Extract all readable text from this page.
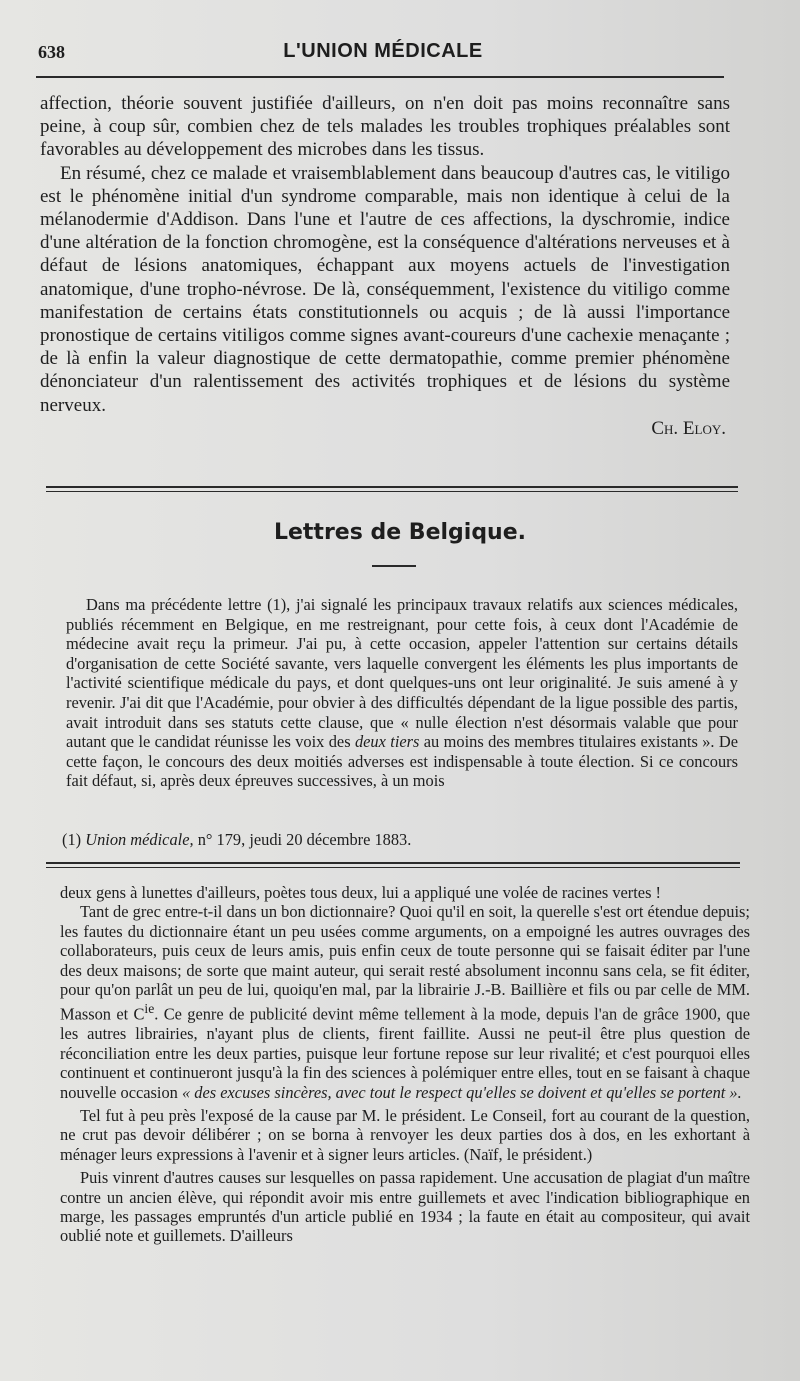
638	L'UNION MÉDICALE

affection, théorie souvent justifiée d'ailleurs, on n'en doit pas moins reconnaître sans peine, à coup sûr, combien chez de tels malades les troubles trophiques préalables sont favorables au développement des microbes dans les tissus.

En résumé, chez ce malade et vraisemblablement dans beaucoup d'autres cas, le vitiligo est le phénomène initial d'un syndrome comparable, mais non identique à celui de la mélanodermie d'Addison. Dans l'une et l'autre de ces affections, la dyschromie, indice d'une altération de la fonction chromogène, est la conséquence d'altérations nerveuses et à défaut de lésions anatomiques, échappant aux moyens actuels de l'investigation anatomique, d'une tropho-névrose. De là, conséquemment, l'existence du vitiligo comme manifestation de certains états constitutionnels ou acquis ; de là aussi l'importance pronostique de certains vitiligos comme signes avant-coureurs d'une cachexie menaçante ; de là enfin la valeur diagnostique de cette dermatopathie, comme premier phénomène dénonciateur d'un ralentissement des activités trophiques et de lésions du système nerveux.

Ch. Eloy.

Lettres de Belgique.

Dans ma précédente lettre (1), j'ai signalé les principaux travaux relatifs aux sciences médicales, publiés récemment en Belgique, en me restreignant, pour cette fois, à ceux dont l'Académie de médecine avait reçu la primeur. J'ai pu, à cette occasion, appeler l'attention sur certains détails d'organisation de cette Société savante, vers laquelle convergent les éléments les plus importants de l'activité scientifique médicale du pays, et dont quelques-uns ont leur originalité. Je suis amené à y revenir. J'ai dit que l'Académie, pour obvier à des difficultés dépendant de la ligue possible des partis, avait introduit dans ses statuts cette clause, que « nulle élection n'est désormais valable que pour autant que le candidat réunisse les voix des deux tiers au moins des membres titulaires existants ». De cette façon, le concours des deux moitiés adverses est indispensable à toute élection. Si ce concours fait défaut, si, après deux épreuves successives, à un mois

(1) Union médicale, n° 179, jeudi 20 décembre 1883.

deux gens à lunettes d'ailleurs, poètes tous deux, lui a appliqué une volée de racines vertes !

Tant de grec entre-t-il dans un bon dictionnaire? Quoi qu'il en soit, la querelle s'est ort étendue depuis; les fautes du dictionnaire étant un peu usées comme arguments, on a empoigné les autres ouvrages des collaborateurs, puis ceux de leurs amis, puis enfin ceux de toute personne qui se faisait éditer par l'une des deux maisons; de sorte que maint auteur, qui serait resté absolument inconnu sans cela, se fit éditer, pour qu'on parlât un peu de lui, quoiqu'en mal, par la librairie J.-B. Baillière et fils ou par celle de MM. Masson et $C^{ie}$. Ce genre de publicité devint même tellement à la mode, depuis l'an de grâce 1900, que les autres librairies, n'ayant plus de clients, firent faillite. Aussi ne peut-il être plus question de réconciliation entre les deux parties, puisque leur fortune repose sur leur rivalité; et c'est pourquoi elles continuent et continueront jusqu'à la fin des sciences à polémiquer entre elles, tout en se faisant à chaque nouvelle occasion « des excuses sincères, avec tout le respect qu'elles se doivent et qu'elles se portent ».

Tel fut à peu près l'exposé de la cause par M. le président. Le Conseil, fort au courant de la question, ne crut pas devoir délibérer ; on se borna à renvoyer les deux parties dos à dos, en les exhortant à ménager leurs expressions à l'avenir et à signer leurs articles. (Naïf, le président.)

Puis vinrent d'autres causes sur lesquelles on passa rapidement. Une accusation de plagiat d'un maître contre un ancien élève, qui répondit avoir mis entre guillemets et avec l'indication bibliographique en marge, les passages empruntés d'un article publié en 1934 ; la faute en était au compositeur, qui avait oublié note et guillemets. D'ailleurs
